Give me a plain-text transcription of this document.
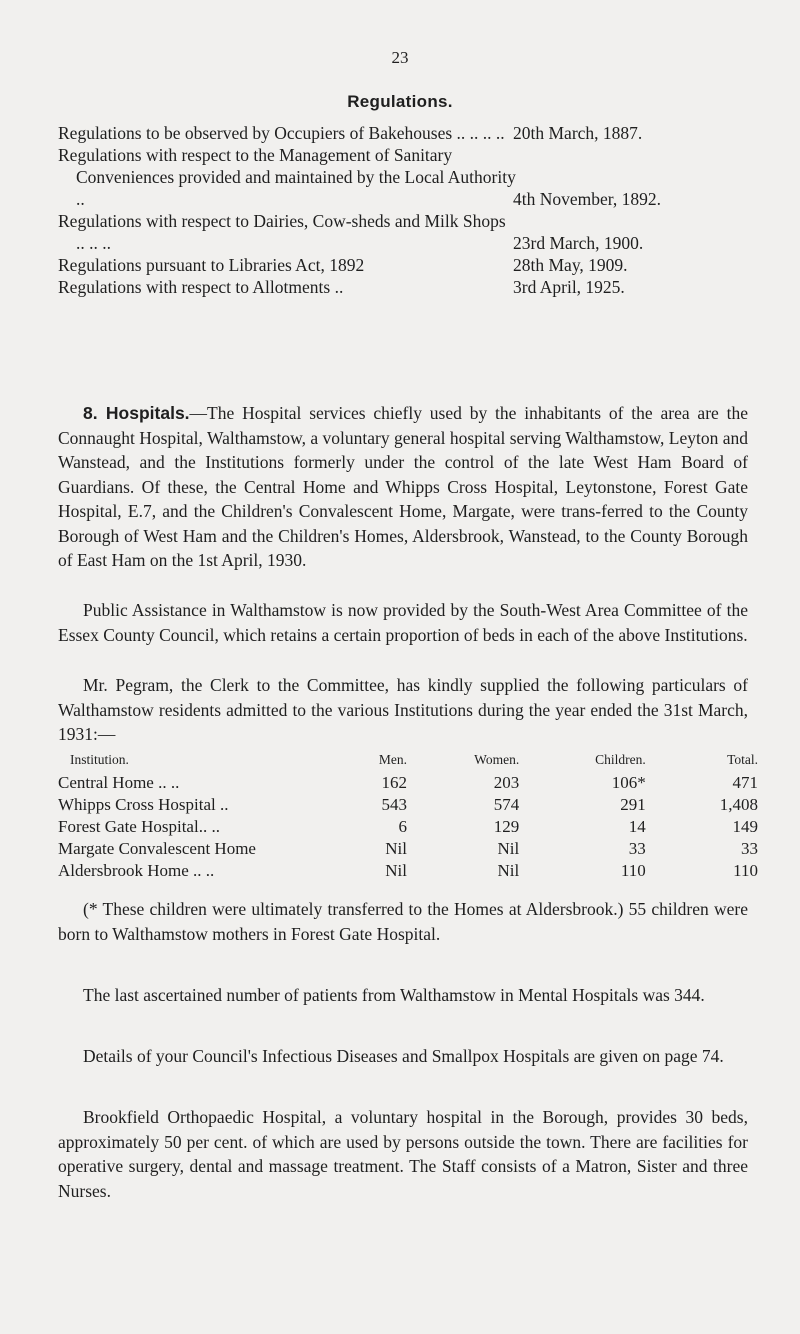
23
Regulations.
Regulations to be observed by Occupiers of Bakehouses .. .. .. .. 20th March, 1887.
Regulations with respect to the Management of Sanitary Conveniences provided and maintained by the Local Authority ..	4th November, 1892.
Regulations with respect to Dairies, Cow-sheds and Milk Shops .. .. ..	23rd March, 1900.
Regulations pursuant to Libraries Act, 1892	28th May, 1909.
Regulations with respect to Allotments ..	3rd April, 1925.

8. Hospitals.—The Hospital services chiefly used by the inhabitants of the area are the Connaught Hospital, Walthamstow, a voluntary general hospital serving Walthamstow, Leyton and Wanstead, and the Institutions formerly under the control of the late West Ham Board of Guardians. Of these, the Central Home and Whipps Cross Hospital, Leytonstone, Forest Gate Hospital, E.7, and the Children's Convalescent Home, Margate, were trans-ferred to the County Borough of West Ham and the Children's Homes, Aldersbrook, Wanstead, to the County Borough of East Ham on the 1st April, 1930.

Public Assistance in Walthamstow is now provided by the South-West Area Committee of the Essex County Council, which retains a certain proportion of beds in each of the above Institutions.

Mr. Pegram, the Clerk to the Committee, has kindly supplied the following particulars of Walthamstow residents admitted to the various Institutions during the year ended the 31st March, 1931:—

Institution.	Men.	Women.	Children.	Total.
Central Home .. ..	162	203	106*	471
Whipps Cross Hospital ..	543	574	291	1,408
Forest Gate Hospital.. ..	6	129	14	149
Margate Convalescent Home	Nil	Nil	33	33
Aldersbrook Home .. ..	Nil	Nil	110	110

(* These children were ultimately transferred to the Homes at Aldersbrook.) 55 children were born to Walthamstow mothers in Forest Gate Hospital.

The last ascertained number of patients from Walthamstow in Mental Hospitals was 344.

Details of your Council's Infectious Diseases and Smallpox Hospitals are given on page 74.

Brookfield Orthopaedic Hospital, a voluntary hospital in the Borough, provides 30 beds, approximately 50 per cent. of which are used by persons outside the town. There are facilities for operative surgery, dental and massage treatment. The Staff consists of a Matron, Sister and three Nurses.
